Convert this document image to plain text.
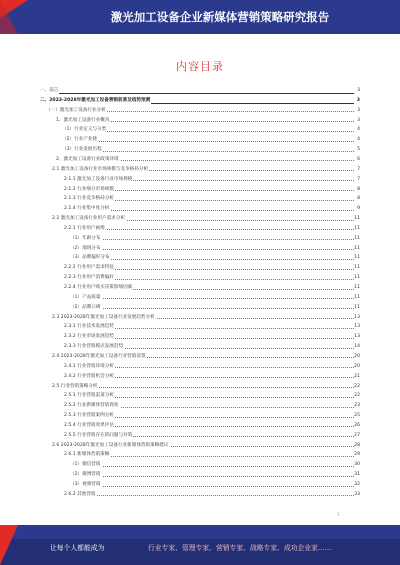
激光加工设备企业新媒体营销策略研究报告
内容目录
一、前言	3
二、2023-2028年激光加工设备营销前景及趋势预测	3
（一）激光加工设备行业分析	3
1、激光加工设备行业概况	3
（1）行业定义与分类	4
（2）行业产业链	4
（3）行业发展历程	5
2、激光加工设备行业政策环境	6
2.1 激光加工设备行业市场规模与竞争格局分析	7
2.1.1 激光加工设备行业市场规模	7
2.1.2 行业细分市场规模	8
2.1.3 行业竞争格局分析	8
2.1.4 行业集中度分析	9
2.2 激光加工设备行业用户需求分析	11
2.2.1 行业用户画像	11
（1）年龄分布	11
（2）地域分布	11
（3）品牌偏好分布	11
2.2.2 行业用户需求特征	11
2.2.3 行业用户消费偏好	11
2.2.4 行业用户购买决策影响因素	11
（1）产品质量	11
（2）品牌口碑	11
2.3 2023-2028年激光加工设备行业发展趋势分析	13
2.3.1 行业技术发展趋势	13
2.3.2 行业市场发展趋势	13
2.3.3 行业营销模式发展趋势	14
2.4 2023-2028年激光加工设备行业营销前景	20
2.4.1 行业营销环境分析	20
2.4.2 行业营销机会分析	21
2.5 行业营销策略分析	22
2.5.1 行业营销渠道分析	22
2.5.2 行业新媒体营销现状	23
2.5.3 行业营销案例分析	25
2.5.4 行业营销效果评估	26
2.5.5 行业营销存在的问题与对策	27
2.6 2023-2028年激光加工设备行业新媒体营销策略建议	28
2.6.1 新媒体营销策略	29
（1）微信营销	30
（2）微博营销	31
（3）视频营销	32
2.6.2 其他营销	33
1
让每个人都能成为	行业专家、管理专家、营销专家、战略专家、成功企业家……
